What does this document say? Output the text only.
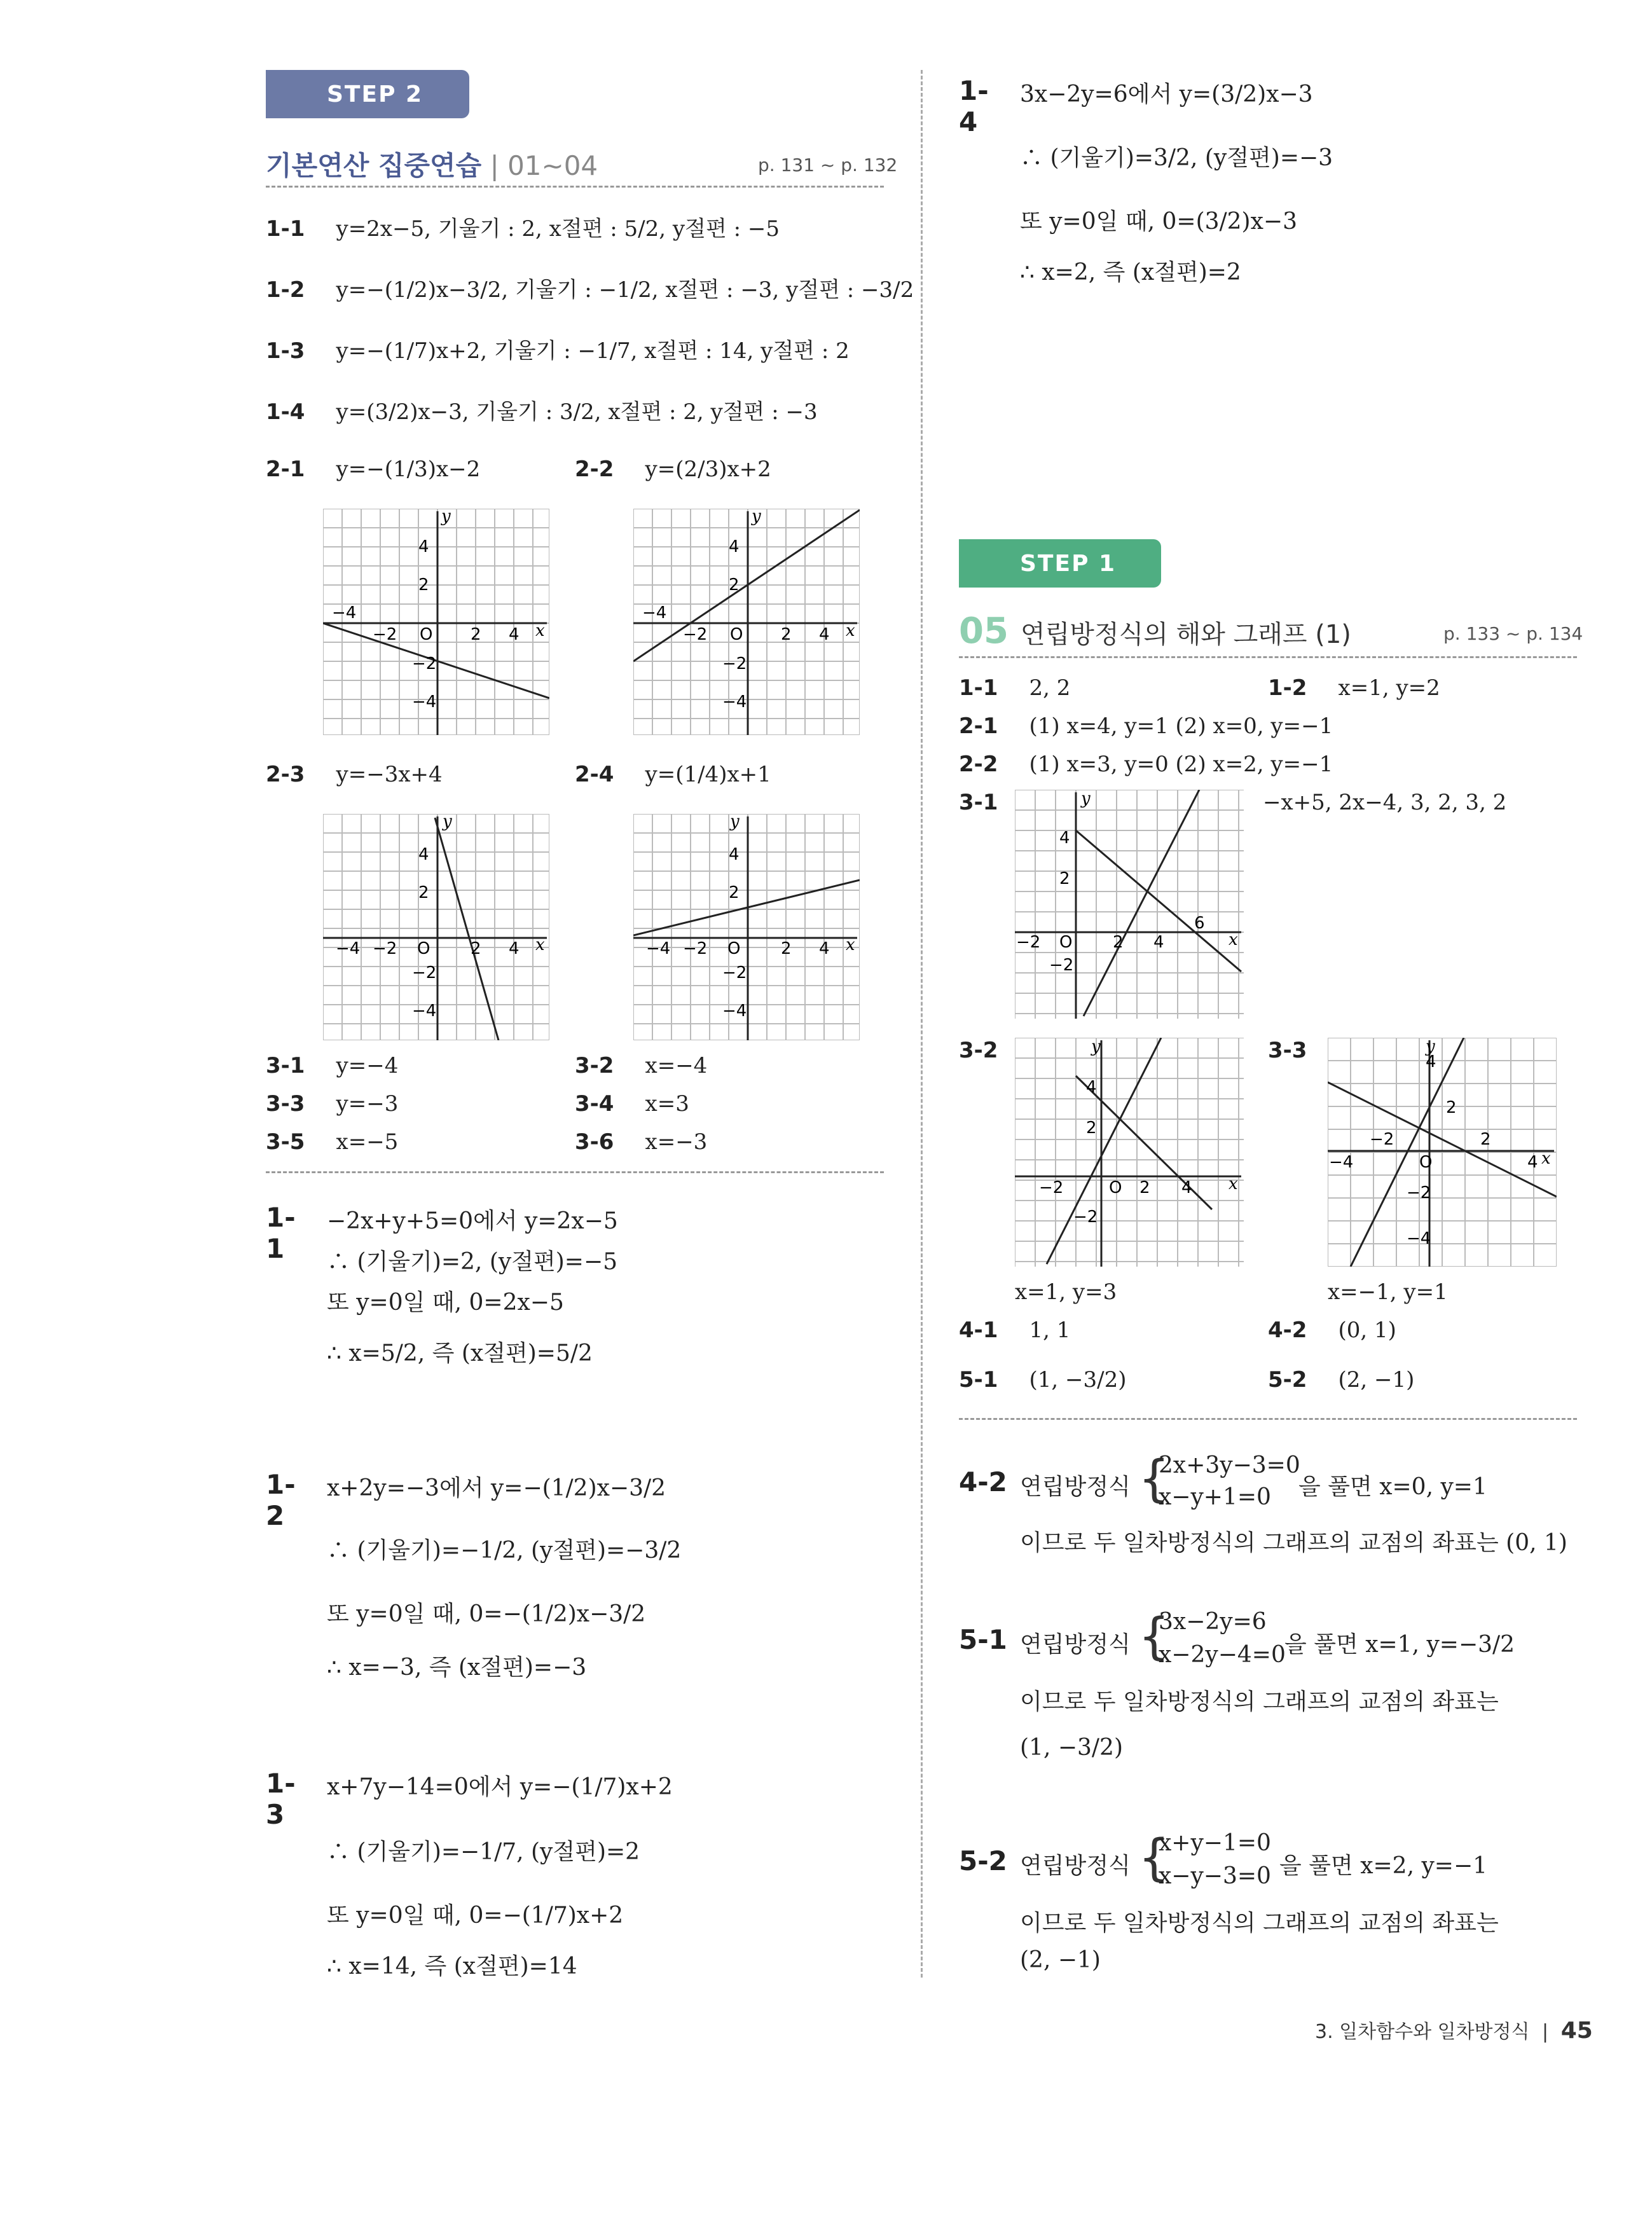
STEP 2
기본연산 집중연습 | 01~04	p. 131 ~ p. 132
1-1 y=2x−5, 기울기 : 2, x절편 : 5/2, y절편 : −5
1-2 y=−(1/2)x−3/2, 기울기 : −1/2, x절편 : −3, y절편 : −3/2
1-3 y=−(1/7)x+2, 기울기 : −1/7, x절편 : 14, y절편 : 2
1-4 y=(3/2)x−3, 기울기 : 3/2, x절편 : 2, y절편 : −3
2-1 y=−(1/3)x−2	2-2 y=(2/3)x+2
y
x
O
4
2
−4
−2	2 4
−2
−4
y
x
O
4
2
−4
−2	2 4
−2
−4
2-3 y=−3x+4	2-4 y=(1/4)x+1
y
x
O
4
2
−4 −2	2 4
−2
−4
y
x
O
4
2
−4 −2	2 4
−2
−4
3-1 y=−4	3-2 x=−4
3-3 y=−3	3-4 x=3
3-5 x=−5	3-6 x=−3
1-1
−2x+y+5=0에서 y=2x−5
∴ (기울기)=2, (y절편)=−5
또 y=0일 때, 0=2x−5
∴ x=5/2, 즉 (x절편)=5/2
1-2
x+2y=−3에서 y=−(1/2)x−3/2
∴ (기울기)=−1/2, (y절편)=−3/2
또 y=0일 때, 0=−(1/2)x−3/2
∴ x=−3, 즉 (x절편)=−3
1-3
x+7y−14=0에서 y=−(1/7)x+2
∴ (기울기)=−1/7, (y절편)=2
또 y=0일 때, 0=−(1/7)x+2
∴ x=14, 즉 (x절편)=14
1-4
3x−2y=6에서 y=(3/2)x−3
∴ (기울기)=3/2, (y절편)=−3
또 y=0일 때, 0=(3/2)x−3
∴ x=2, 즉 (x절편)=2
STEP 1
05 연립방정식의 해와 그래프 (1)	p. 133 ~ p. 134
1-1 2, 2	1-2 x=1, y=2
2-1 (1) x=4, y=1 (2) x=0, y=−1
2-2 (1) x=3, y=0 (2) x=2, y=−1
3-1	−x+5, 2x−4, 3, 2, 3, 2
y
x
O
4
2
−2	2 4
6
−2
3-2	3-3
y
x
O
4
2
−2	2 4
−2
y
x
O
4
2
−4
−2	2
4
−2
−4
x=1, y=3	x=−1, y=1
4-1 1, 1	4-2 (0, 1)
5-1 (1, −3/2)	5-2 (2, −1)
4-2 연립방정식 {
2x+3y−3=0
x−y+1=0 을 풀면 x=0, y=1
이므로 두 일차방정식의 그래프의 교점의 좌표는 (0, 1)
5-1 연립방정식 {
3x−2y=6
x−2y−4=0
을 풀면 x=1, y=−3/2
이므로 두 일차방정식의 그래프의 교점의 좌표는
(1, −3/2)
5-2 연립방정식 {
x+y−1=0
x−y−3=0 을 풀면 x=2, y=−1
이므로 두 일차방정식의 그래프의 교점의 좌표는
(2, −1)
3. 일차함수와 일차방정식 | 45
